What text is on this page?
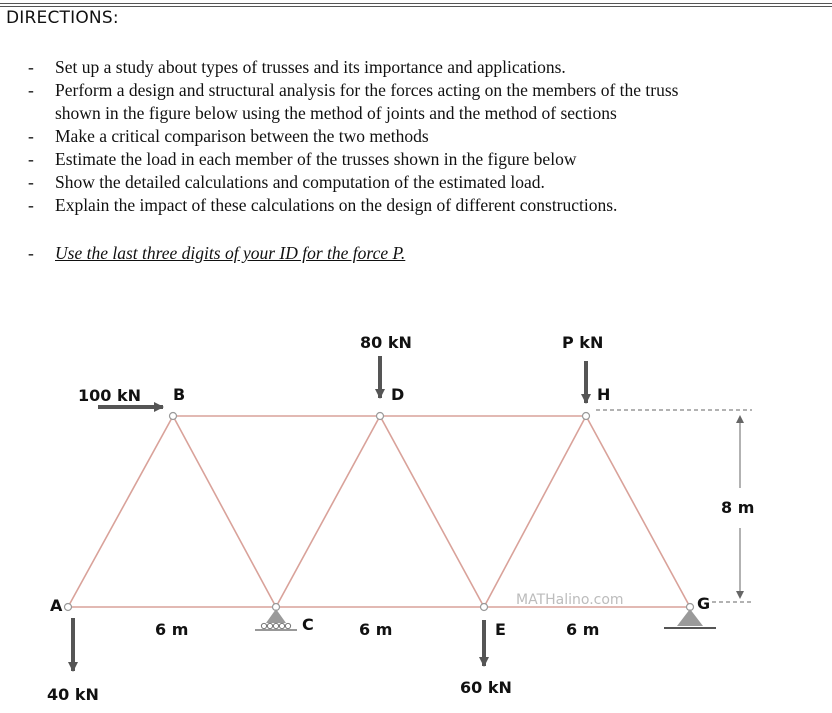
DIRECTIONS:
- Set up a study about types of trusses and its importance and applications.
- Perform a design and structural analysis for the forces acting on the members of the truss
shown in the figure below using the method of joints and the method of sections
- Make a critical comparison between the two methods
- Estimate the load in each member of the trusses shown in the figure below
- Show the detailed calculations and computation of the estimated load.
- Explain the impact of these calculations on the design of different constructions.
- Use the last three digits of your ID for the force P.
A
B
C
D
E
G
H
100 kN
80 kN	P kN
40 kN	60 kN
6 m	6 m	6 m
8 m
MATHalino.com
